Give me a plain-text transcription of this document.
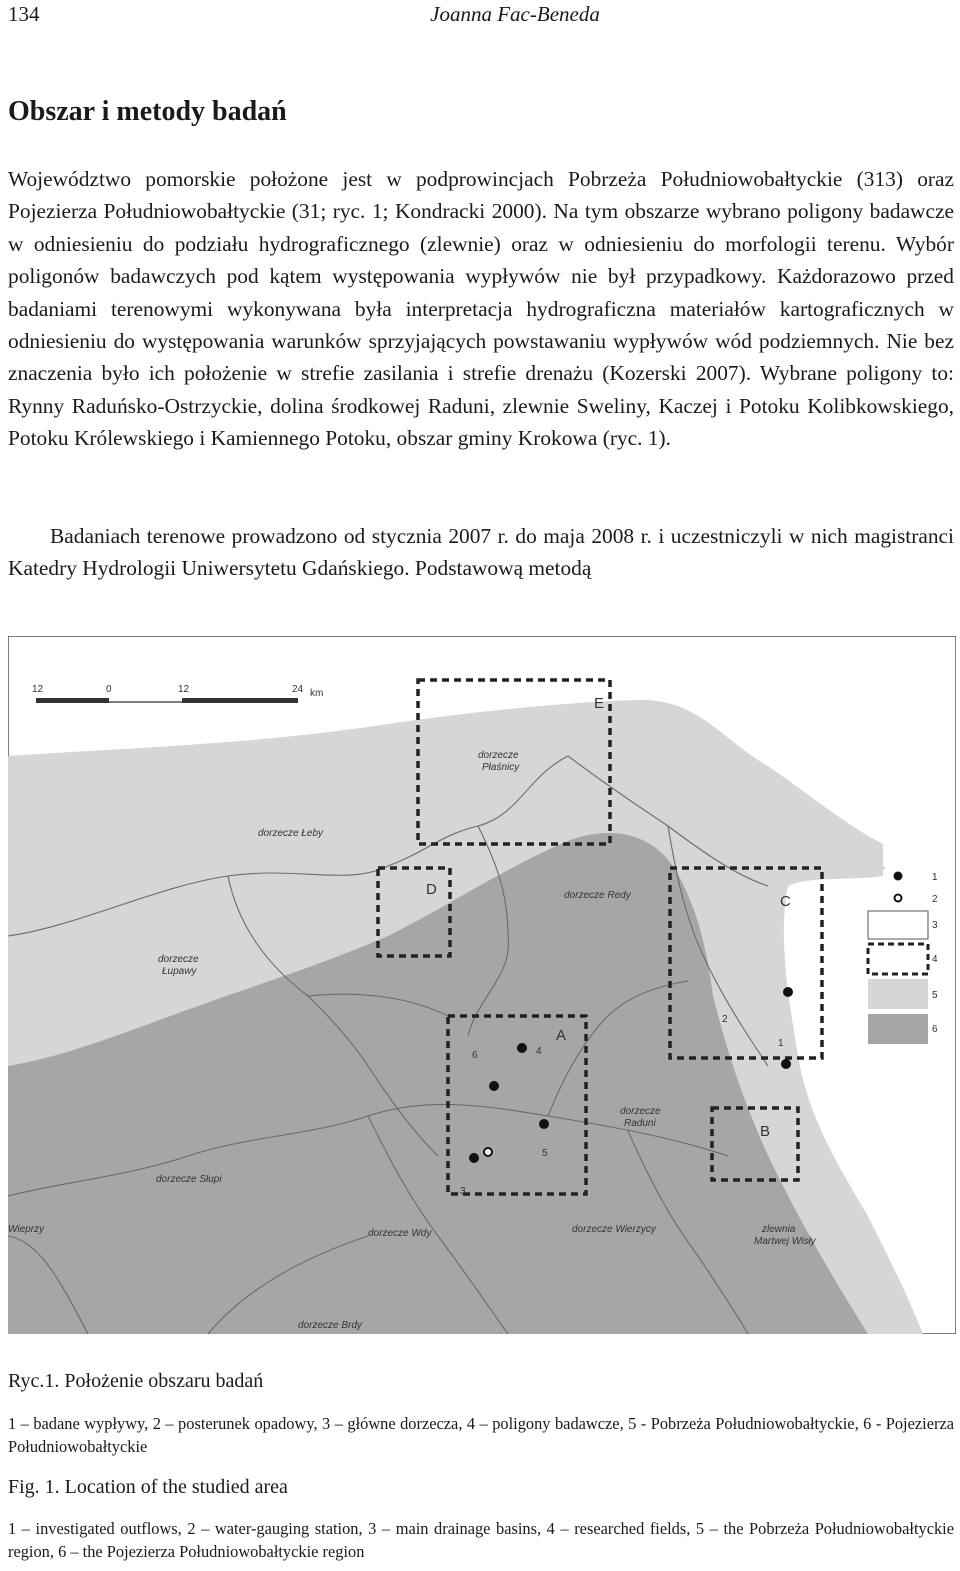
134	Joanna Fac-Beneda
Obszar i metody badań

Województwo pomorskie położone jest w podprowincjach Pobrzeża Południowobałtyckie (313) oraz Pojezierza Południowobałtyckie (31; ryc. 1; Kondracki 2000). Na tym obszarze wybrano poligony badawcze w odniesieniu do podziału hydrograficznego (zlewnie) oraz w odniesieniu do morfologii terenu. Wybór poligonów badawczych pod kątem występowania wypływów nie był przypadkowy. Każdorazowo przed badaniami terenowymi wykonywana była interpretacja hydrograficzna materiałów kartograficznych w odniesieniu do występowania warunków sprzyjających powstawaniu wypływów wód podziemnych. Nie bez znaczenia było ich położenie w strefie zasilania i strefie drenażu (Kozerski 2007). Wybrane poligony to: Rynny Raduńsko-Ostrzyckie, dolina środkowej Raduni, zlewnie Sweliny, Kaczej i Potoku Kolibkowskiego, Potoku Królewskiego i Kamiennego Potoku, obszar gminy Krokowa (ryc. 1).

Badaniach terenowe prowadzono od stycznia 2007 r. do maja 2008 r. i uczestniczyli w nich magistranci Katedry Hydrologii Uniwersytetu Gdańskiego. Podstawową metodą

12	0	12	24 km
E
D
C
A
B
dorzecze
Płaśnicy
dorzecze Łeby
dorzecze Redy
dorzecze
Łupawy
dorzecze
Raduni
dorzecze Słupi
Wieprzy	dorzecze Wdy	dorzecze Wierzycy	zlewnia
Martwej Wisły
dorzecze Brdy
6	4
5
3
2
1
1
2
3
4
5
6
Ryc.1. Położenie obszaru badań
1 – badane wypływy, 2 – posterunek opadowy, 3 – główne dorzecza, 4 – poligony badawcze, 5 - Pobrzeża Południowobałtyckie, 6 - Pojezierza Południowobałtyckie
Fig. 1. Location of the studied area
1 – investigated outflows, 2 – water-gauging station, 3 – main drainage basins, 4 – researched fields, 5 – the Pobrzeża Południowobałtyckie region, 6 – the Pojezierza Południowobałtyckie region
